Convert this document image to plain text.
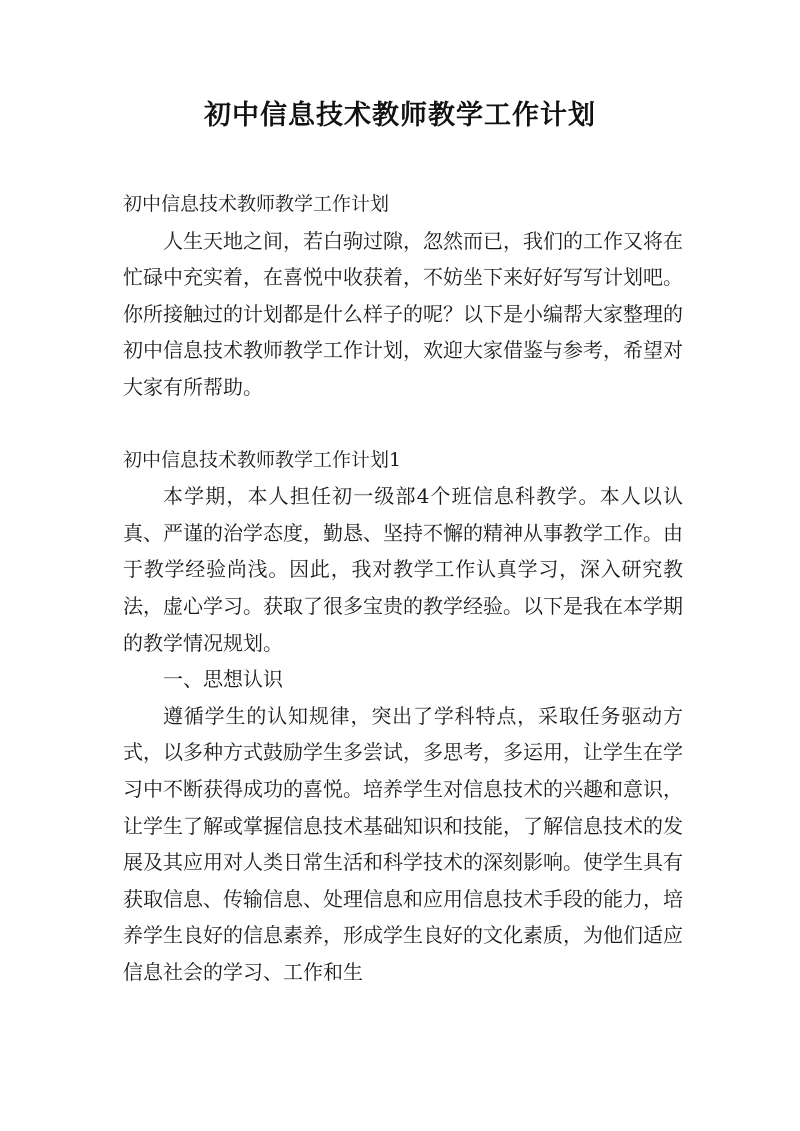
初中信息技术教师教学工作计划

初中信息技术教师教学工作计划

人生天地之间，若白驹过隙，忽然而已，我们的工作又将在忙碌中充实着，在喜悦中收获着，不妨坐下来好好写写计划吧。你所接触过的计划都是什么样子的呢？以下是小编帮大家整理的初中信息技术教师教学工作计划，欢迎大家借鉴与参考，希望对大家有所帮助。

初中信息技术教师教学工作计划1

本学期，本人担任初一级部4个班信息科教学。本人以认真、严谨的治学态度，勤恳、坚持不懈的精神从事教学工作。由于教学经验尚浅。因此，我对教学工作认真学习，深入研究教法，虚心学习。获取了很多宝贵的教学经验。以下是我在本学期的教学情况规划。

一、思想认识

遵循学生的认知规律，突出了学科特点，采取任务驱动方式，以多种方式鼓励学生多尝试，多思考，多运用，让学生在学习中不断获得成功的喜悦。培养学生对信息技术的兴趣和意识，让学生了解或掌握信息技术基础知识和技能，了解信息技术的发展及其应用对人类日常生活和科学技术的深刻影响。使学生具有获取信息、传输信息、处理信息和应用信息技术手段的能力，培养学生良好的信息素养，形成学生良好的文化素质，为他们适应信息社会的学习、工作和生
